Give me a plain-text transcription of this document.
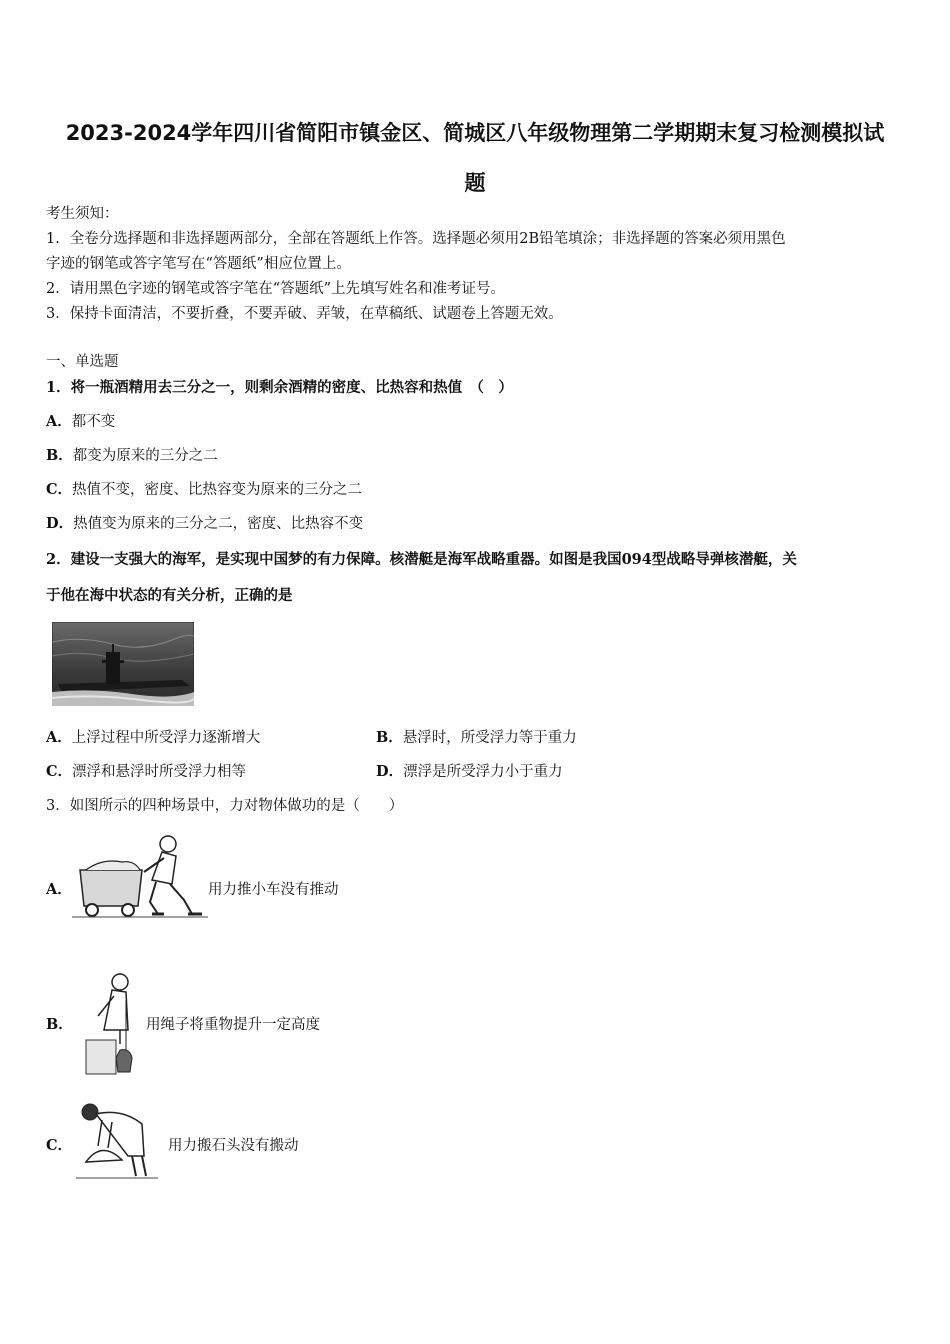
2023-2024学年四川省简阳市镇金区、简城区八年级物理第二学期期末复习检测模拟试
题

考生须知：

1．全卷分选择题和非选择题两部分，全部在答题纸上作答。选择题必须用2B铅笔填涂；非选择题的答案必须用黑色

字迹的钢笔或答字笔写在“答题纸”相应位置上。

2．请用黑色字迹的钢笔或答字笔在“答题纸”上先填写姓名和准考证号。

3．保持卡面清洁，不要折叠，不要弄破、弄皱，在草稿纸、试题卷上答题无效。

一、单选题
1．将一瓶酒精用去三分之一，则剩余酒精的密度、比热容和热值　（　）
A．都不变
B．都变为原来的三分之二
C．热值不变，密度、比热容变为原来的三分之二
D．热值变为原来的三分之二，密度、比热容不变
2．建设一支强大的海军，是实现中国梦的有力保障。核潜艇是海军战略重器。如图是我国094型战略导弹核潜艇，关
于他在海中状态的有关分析，正确的是
A．上浮过程中所受浮力逐渐增大	B．悬浮时，所受浮力等于重力
C．漂浮和悬浮时所受浮力相等	D．漂浮是所受浮力小于重力
3．如图所示的四种场景中，力对物体做功的是（　　）
A．	用力推小车没有推动
B．	用绳子将重物提升一定高度
C．	用力搬石头没有搬动
